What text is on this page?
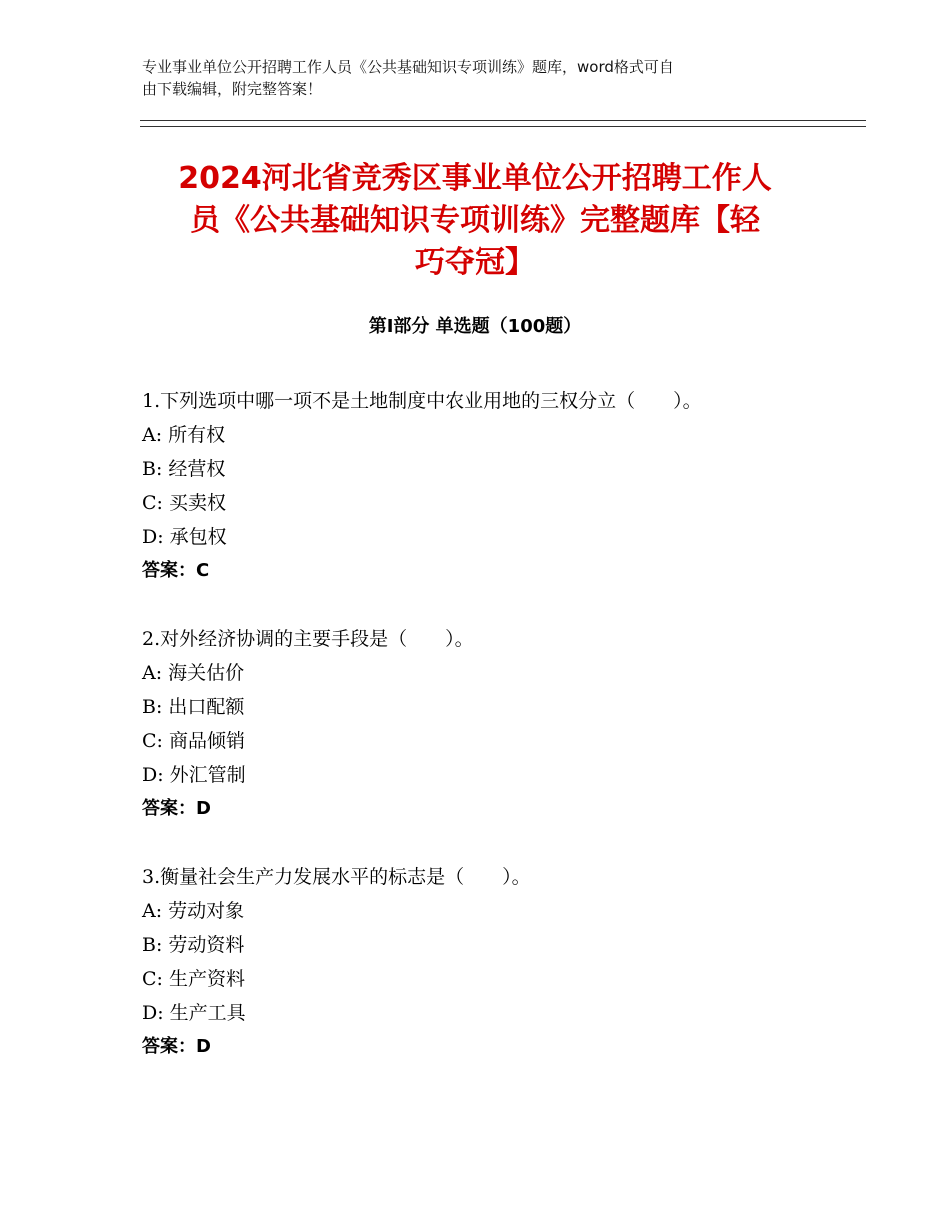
专业事业单位公开招聘工作人员《公共基础知识专项训练》题库，word格式可自
由下载编辑，附完整答案！
2024河北省竞秀区事业单位公开招聘工作人
员《公共基础知识专项训练》完整题库【轻
巧夺冠】
第Ⅰ部分 单选题（100题）
1.下列选项中哪一项不是土地制度中农业用地的三权分立（　　）。
A: 所有权
B: 经营权
C: 买卖权
D: 承包权
答案：C
2.对外经济协调的主要手段是（　　）。
A: 海关估价
B: 出口配额
C: 商品倾销
D: 外汇管制
答案：D
3.衡量社会生产力发展水平的标志是（　　）。
A: 劳动对象
B: 劳动资料
C: 生产资料
D: 生产工具
答案：D
